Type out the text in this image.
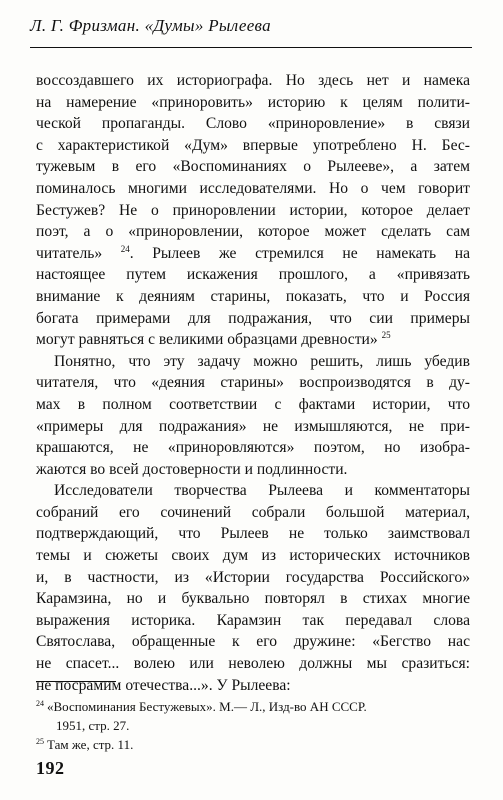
Л. Г. Фризман. «Думы» Рылеева
воссоздавшего их историографа. Но здесь нет и намека
на намерение «приноровить» историю к целям полити-
ческой пропаганды. Слово «приноровление» в связи
с характеристикой «Дум» впервые употреблено Н. Бес-
тужевым в его «Воспоминаниях о Рылееве», а затем
поминалось многими исследователями. Но о чем говорит
Бестужев? Не о приноровлении истории, которое делает
поэт, а о «приноровлении, которое может сделать сам
читатель» $^{24}$. Рылеев же стремился не намекать на
настоящее путем искажения прошлого, а «привязать
внимание к деяниям старины, показать, что и Россия
богата примерами для подражания, что сии примеры
могут равняться с великими образцами древности» $^{25}$
Понятно, что эту задачу можно решить, лишь убедив
читателя, что «деяния старины» воспроизводятся в ду-
мах в полном соответствии с фактами истории, что
«примеры для подражания» не измышляются, не при-
крашаются, не «приноровляются» поэтом, но изобра-
жаются во всей достоверности и подлинности.
Исследователи творчества Рылеева и комментаторы
собраний его сочинений собрали большой материал,
подтверждающий, что Рылеев не только заимствовал
темы и сюжеты своих дум из исторических источников
и, в частности, из «Истории государства Российского»
Карамзина, но и буквально повторял в стихах многие
выражения историка. Карамзин так передавал слова
Святослава, обращенные к его дружине: «Бегство нас
не спасет... волею или неволею должны мы сразиться:
не посрамим отечества...». У Рылеева:
$^{24}$ «Воспоминания Бестужевых». М.— Л., Изд-во АН СССР.
1951, стр. 27.
$^{25}$ Там же, стр. 11.
192
